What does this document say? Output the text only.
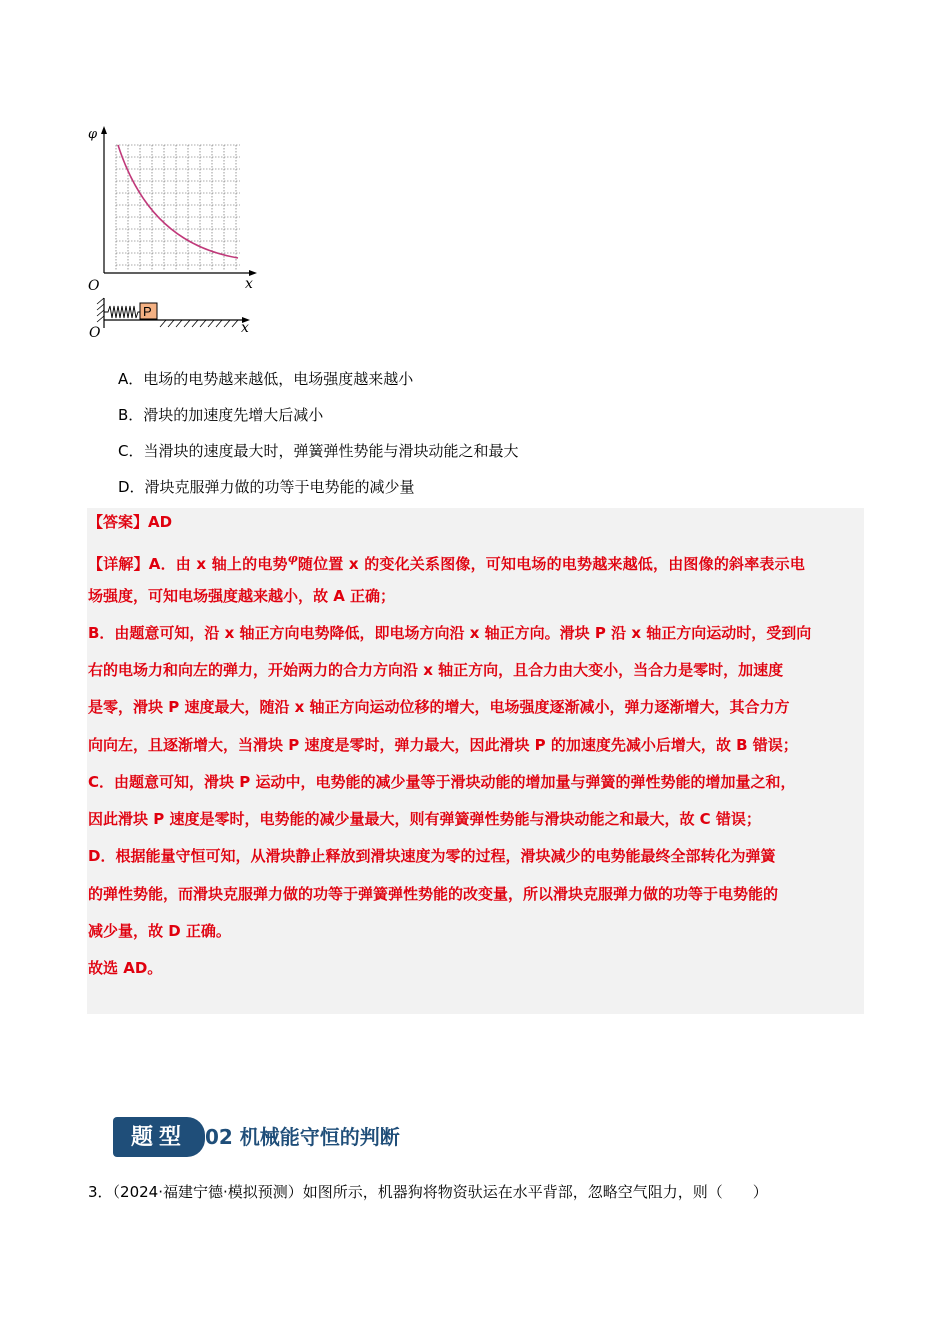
φ
O	x
P
O	x
A．电场的电势越来越低，电场强度越来越小
B．滑块的加速度先增大后减小
C．当滑块的速度最大时，弹簧弹性势能与滑块动能之和最大
D．滑块克服弹力做的功等于电势能的减少量
【答案】AD
【详解】A．由 x 轴上的电势$^\varphi$随位置 x 的变化关系图像，可知电场的电势越来越低，由图像的斜率表示电
场强度，可知电场强度越来越小，故 A 正确；
B．由题意可知，沿 x 轴正方向电势降低，即电场方向沿 x 轴正方向。滑块 P 沿 x 轴正方向运动时，受到向
右的电场力和向左的弹力，开始两力的合力方向沿 x 轴正方向，且合力由大变小，当合力是零时，加速度
是零，滑块 P 速度最大，随沿 x 轴正方向运动位移的增大，电场强度逐渐减小，弹力逐渐增大，其合力方
向向左，且逐渐增大，当滑块 P 速度是零时，弹力最大，因此滑块 P 的加速度先减小后增大，故 B 错误；
C．由题意可知，滑块 P 运动中，电势能的减少量等于滑块动能的增加量与弹簧的弹性势能的增加量之和，
因此滑块 P 速度是零时，电势能的减少量最大，则有弹簧弹性势能与滑块动能之和最大，故 C 错误；
D．根据能量守恒可知，从滑块静止释放到滑块速度为零的过程，滑块减少的电势能最终全部转化为弹簧
的弹性势能，而滑块克服弹力做的功等于弹簧弹性势能的改变量，所以滑块克服弹力做的功等于电势能的
减少量，故 D 正确。
故选 AD。
题型 02 机械能守恒的判断
3．（2024·福建宁德·模拟预测）如图所示，机器狗将物资驮运在水平背部，忽略空气阻力，则（　　）
